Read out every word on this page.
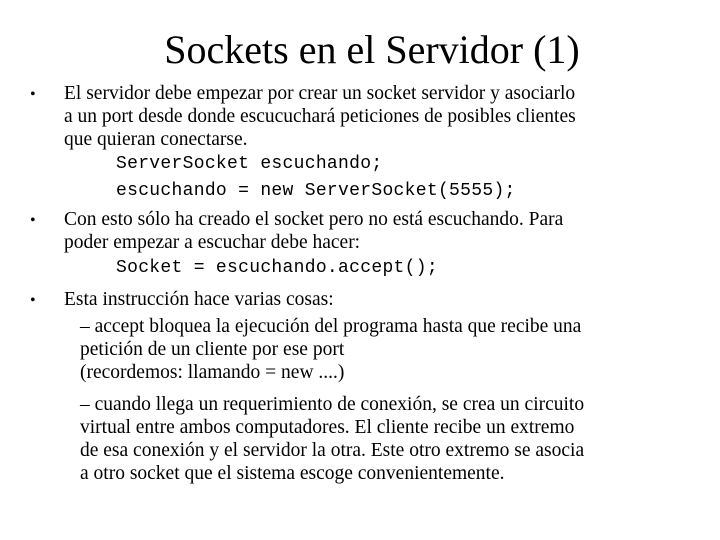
Sockets en el Servidor (1)
• El servidor debe empezar por crear un socket servidor y asociarlo
a un port desde donde escucuchará peticiones de posibles clientes
que quieran conectarse.
ServerSocket escuchando;
escuchando = new ServerSocket(5555);
• Con esto sólo ha creado el socket pero no está escuchando. Para
poder empezar a escuchar debe hacer:
Socket = escuchando.accept();
• Esta instrucción hace varias cosas:
– accept bloquea la ejecución del programa hasta que recibe una
petición de un cliente por ese port
(recordemos: llamando = new ....)
– cuando llega un requerimiento de conexión, se crea un circuito
virtual entre ambos computadores. El cliente recibe un extremo
de esa conexión y el servidor la otra. Este otro extremo se asocia
a otro socket que el sistema escoge convenientemente.
